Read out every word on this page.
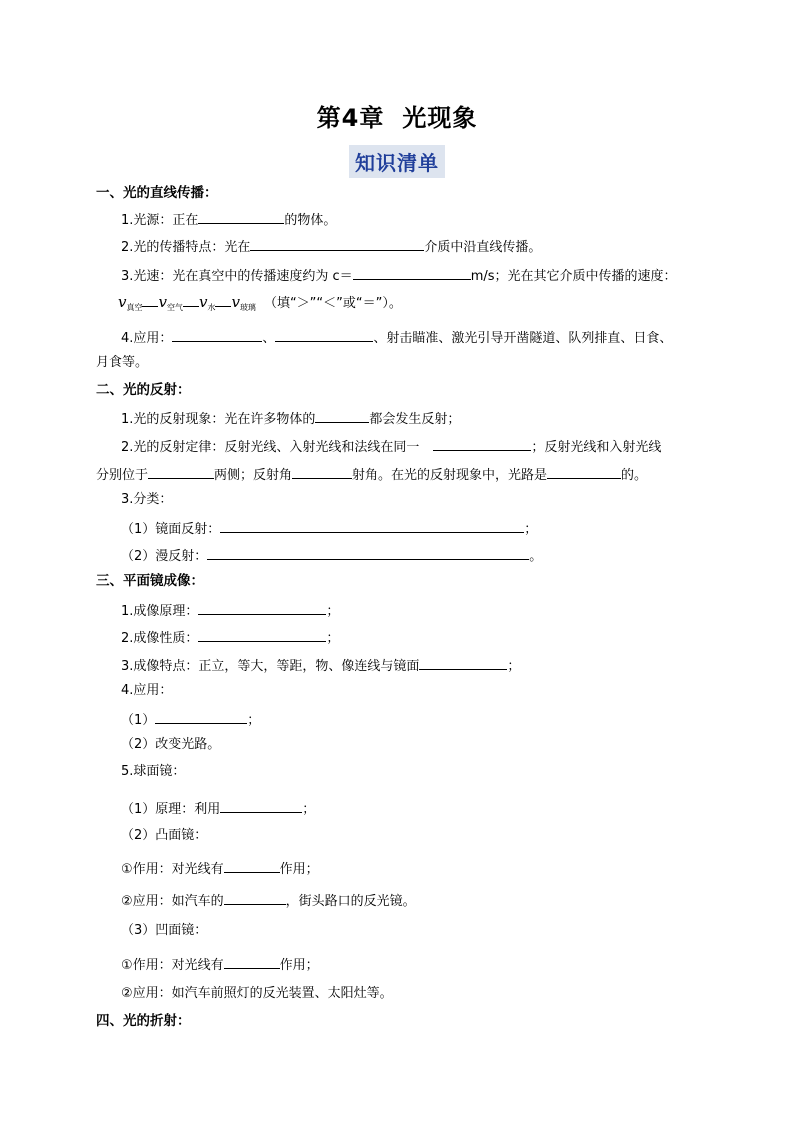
第4章 光现象
知识清单
一、光的直线传播：
1.光源：正在	的物体。
2.光的传播特点：光在	介质中沿直线传播。
3.光速：光在真空中的传播速度约为 c＝	m/s；光在其它介质中传播的速度：
$v_{真空}$ $v_{空气}$ $v_水$ $v_{玻璃}$ （填“＞”“＜”或“＝”）。
4.应用：	、	、射击瞄准、激光引导开凿隧道、队列排直、日食、
月食等。
二、光的反射：
1.光的反射现象：光在许多物体的	都会发生反射；
2.光的反射定律：反射光线、入射光线和法线在同一	；反射光线和入射光线
分别位于	两侧；反射角	射角。在光的反射现象中，光路是	的。
3.分类：
（1）镜面反射：	；
（2）漫反射：	。
三、平面镜成像：
1.成像原理：	；
2.成像性质：	；
3.成像特点：正立，等大，等距，物、像连线与镜面	；
4.应用：
（1）	；
（2）改变光路。
5.球面镜：
（1）原理：利用	；
（2）凸面镜：
①作用：对光线有	作用；
②应用：如汽车的	，街头路口的反光镜。
（3）凹面镜：
①作用：对光线有	作用；
②应用：如汽车前照灯的反光装置、太阳灶等。
四、光的折射：
